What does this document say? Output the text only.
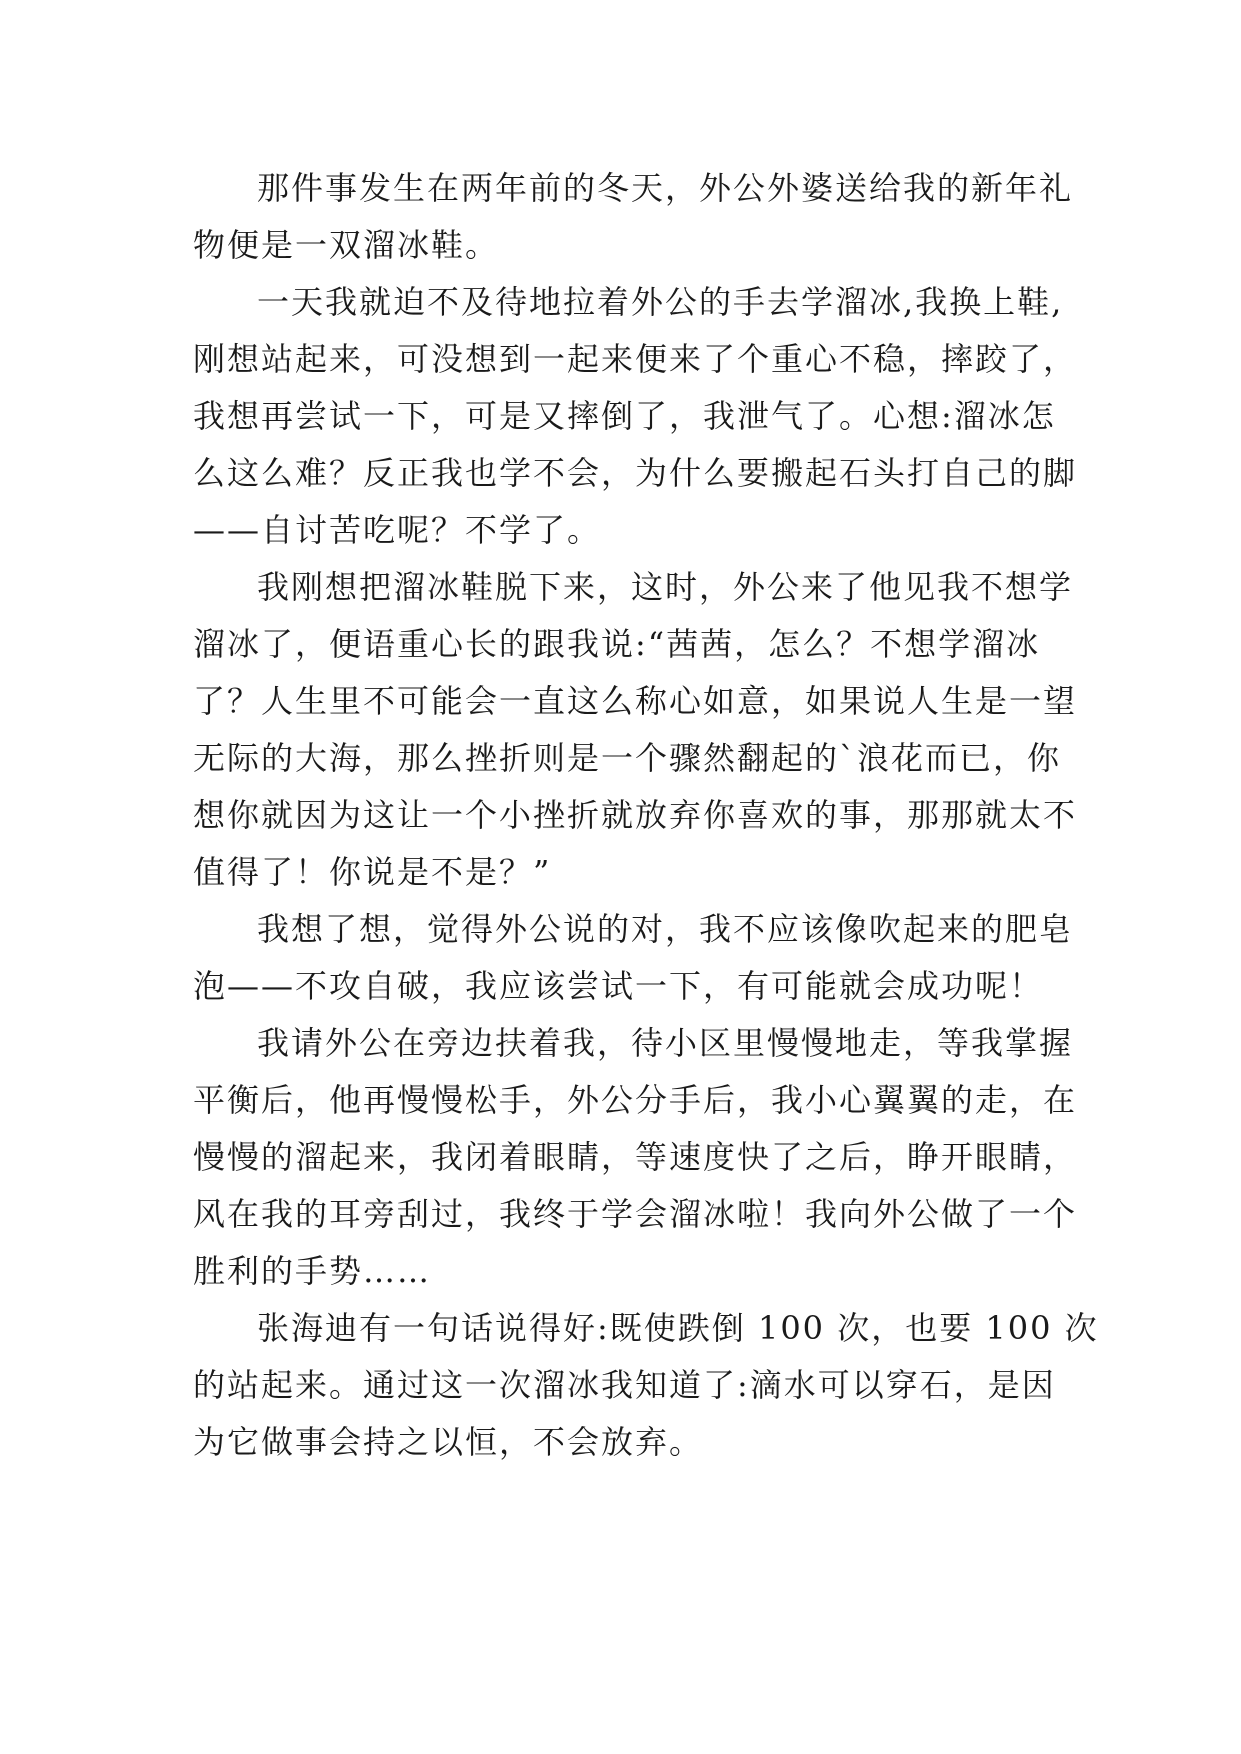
那件事发生在两年前的冬天，外公外婆送给我的新年礼
物便是一双溜冰鞋。
一天我就迫不及待地拉着外公的手去学溜冰,我换上鞋,
刚想站起来，可没想到一起来便来了个重心不稳，摔跤了，
我想再尝试一下，可是又摔倒了，我泄气了。心想:溜冰怎
么这么难？反正我也学不会，为什么要搬起石头打自己的脚
——自讨苦吃呢？不学了。
我刚想把溜冰鞋脱下来，这时，外公来了他见我不想学
溜冰了，便语重心长的跟我说:“茜茜，怎么？不想学溜冰
了？人生里不可能会一直这么称心如意，如果说人生是一望
无际的大海，那么挫折则是一个骤然翻起的`浪花而已，你
想你就因为这让一个小挫折就放弃你喜欢的事，那那就太不
值得了！你说是不是？”
我想了想，觉得外公说的对，我不应该像吹起来的肥皂
泡——不攻自破，我应该尝试一下，有可能就会成功呢！
我请外公在旁边扶着我，待小区里慢慢地走，等我掌握
平衡后，他再慢慢松手，外公分手后，我小心翼翼的走，在
慢慢的溜起来，我闭着眼睛，等速度快了之后，睁开眼睛，
风在我的耳旁刮过，我终于学会溜冰啦！我向外公做了一个
胜利的手势……
张海迪有一句话说得好:既使跌倒 100 次，也要 100 次
的站起来。通过这一次溜冰我知道了:滴水可以穿石，是因
为它做事会持之以恒，不会放弃。
